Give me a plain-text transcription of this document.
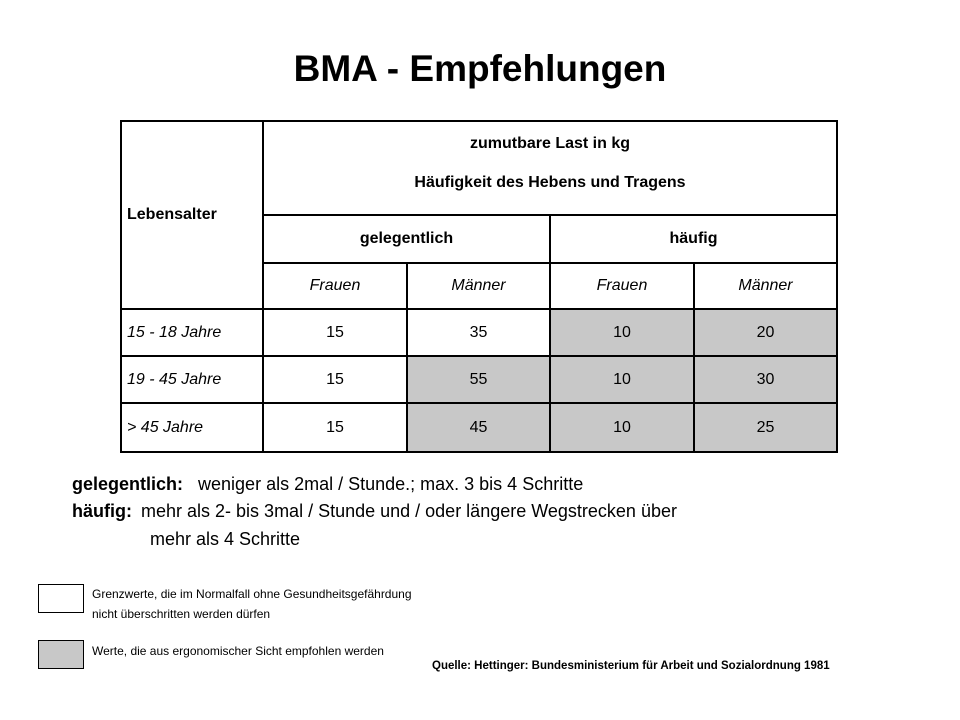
BMA - Empfehlungen
Lebensalter
zumutbare Last in kg
Häufigkeit des Hebens und Tragens
gelegentlich	häufig
Frauen	Männer	Frauen	Männer
15 - 18 Jahre	15	35	10	20
19 - 45 Jahre	15	55	10	30
> 45 Jahre	15	45	10	25
gelegentlich: weniger als 2mal / Stunde.; max. 3 bis 4 Schritte
häufig: mehr als 2- bis 3mal / Stunde und / oder längere Wegstrecken über
mehr als 4 Schritte
Grenzwerte, die im Normalfall ohne Gesundheitsgefährdung
nicht überschritten werden dürfen
Werte, die aus ergonomischer Sicht empfohlen werden
Quelle: Hettinger: Bundesministerium für Arbeit und Sozialordnung 1981
